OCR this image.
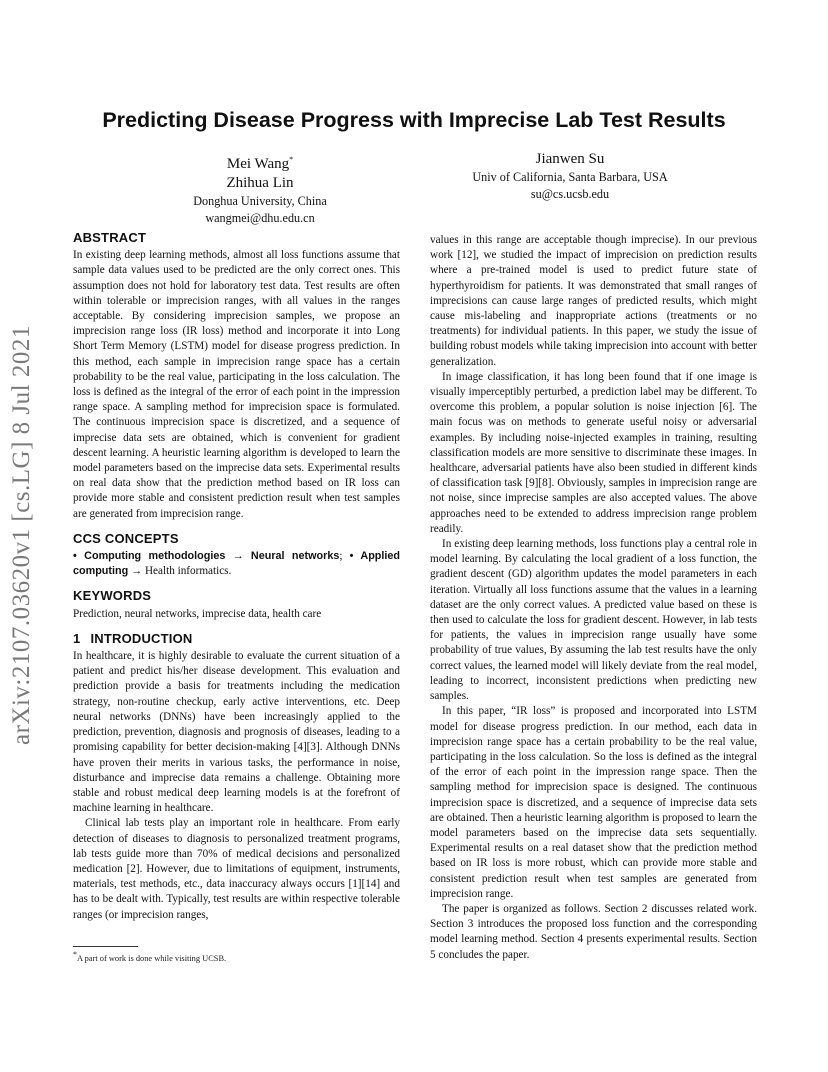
arXiv:2107.03620v1 [cs.LG] 8 Jul 2021
Predicting Disease Progress with Imprecise Lab Test Results
Mei Wang*
Zhihua Lin
Donghua University, China
wangmei@dhu.edu.cn
Jianwen Su
Univ of California, Santa Barbara, USA
su@cs.ucsb.edu
ABSTRACT

In existing deep learning methods, almost all loss functions assume that sample data values used to be predicted are the only correct ones. This assumption does not hold for laboratory test data. Test results are often within tolerable or imprecision ranges, with all values in the ranges acceptable. By considering imprecision samples, we propose an imprecision range loss (IR loss) method and incorporate it into Long Short Term Memory (LSTM) model for disease progress prediction. In this method, each sample in imprecision range space has a certain probability to be the real value, participating in the loss calculation. The loss is defined as the integral of the error of each point in the impression range space. A sampling method for imprecision space is formulated. The continuous imprecision space is discretized, and a sequence of imprecise data sets are obtained, which is convenient for gradient descent learning. A heuristic learning algorithm is developed to learn the model parameters based on the imprecise data sets. Experimental results on real data show that the prediction method based on IR loss can provide more stable and consistent prediction result when test samples are generated from imprecision range.

CCS CONCEPTS

• Computing methodologies → Neural networks; • Applied computing → Health informatics.

KEYWORDS

Prediction, neural networks, imprecise data, health care

1 INTRODUCTION

In healthcare, it is highly desirable to evaluate the current situation of a patient and predict his/her disease development. This evaluation and prediction provide a basis for treatments including the medication strategy, non-routine checkup, early active interventions, etc. Deep neural networks (DNNs) have been increasingly applied to the prediction, prevention, diagnosis and prognosis of diseases, leading to a promising capability for better decision-making [4][3]. Although DNNs have proven their merits in various tasks, the performance in noise, disturbance and imprecise data remains a challenge. Obtaining more stable and robust medical deep learning models is at the forefront of machine learning in healthcare.

Clinical lab tests play an important role in healthcare. From early detection of diseases to diagnosis to personalized treatment programs, lab tests guide more than 70% of medical decisions and personalized medication [2]. However, due to limitations of equipment, instruments, materials, test methods, etc., data inaccuracy always occurs [1][14] and has to be dealt with. Typically, test results are within respective tolerable ranges (or imprecision ranges,

values in this range are acceptable though imprecise). In our previous work [12], we studied the impact of imprecision on prediction results where a pre-trained model is used to predict future state of hyperthyroidism for patients. It was demonstrated that small ranges of imprecisions can cause large ranges of predicted results, which might cause mis-labeling and inappropriate actions (treatments or no treatments) for individual patients. In this paper, we study the issue of building robust models while taking imprecision into account with better generalization.

In image classification, it has long been found that if one image is visually imperceptibly perturbed, a prediction label may be different. To overcome this problem, a popular solution is noise injection [6]. The main focus was on methods to generate useful noisy or adversarial examples. By including noise-injected examples in training, resulting classification models are more sensitive to discriminate these images. In healthcare, adversarial patients have also been studied in different kinds of classification task [9][8]. Obviously, samples in imprecision range are not noise, since imprecise samples are also accepted values. The above approaches need to be extended to address imprecision range problem readily.

In existing deep learning methods, loss functions play a central role in model learning. By calculating the local gradient of a loss function, the gradient descent (GD) algorithm updates the model parameters in each iteration. Virtually all loss functions assume that the values in a learning dataset are the only correct values. A predicted value based on these is then used to calculate the loss for gradient descent. However, in lab tests for patients, the values in imprecision range usually have some probability of true values, By assuming the lab test results have the only correct values, the learned model will likely deviate from the real model, leading to incorrect, inconsistent predictions when predicting new samples.

In this paper, “IR loss” is proposed and incorporated into LSTM model for disease progress prediction. In our method, each data in imprecision range space has a certain probability to be the real value, participating in the loss calculation. So the loss is defined as the integral of the error of each point in the impression range space. Then the sampling method for imprecision space is designed. The continuous imprecision space is discretized, and a sequence of imprecise data sets are obtained. Then a heuristic learning algorithm is proposed to learn the model parameters based on the imprecise data sets sequentially. Experimental results on a real dataset show that the prediction method based on IR loss is more robust, which can provide more stable and consistent prediction result when test samples are generated from imprecision range.

The paper is organized as follows. Section 2 discusses related work. Section 3 introduces the proposed loss function and the corresponding model learning method. Section 4 presents experimental results. Section 5 concludes the paper.

*A part of work is done while visiting UCSB.
